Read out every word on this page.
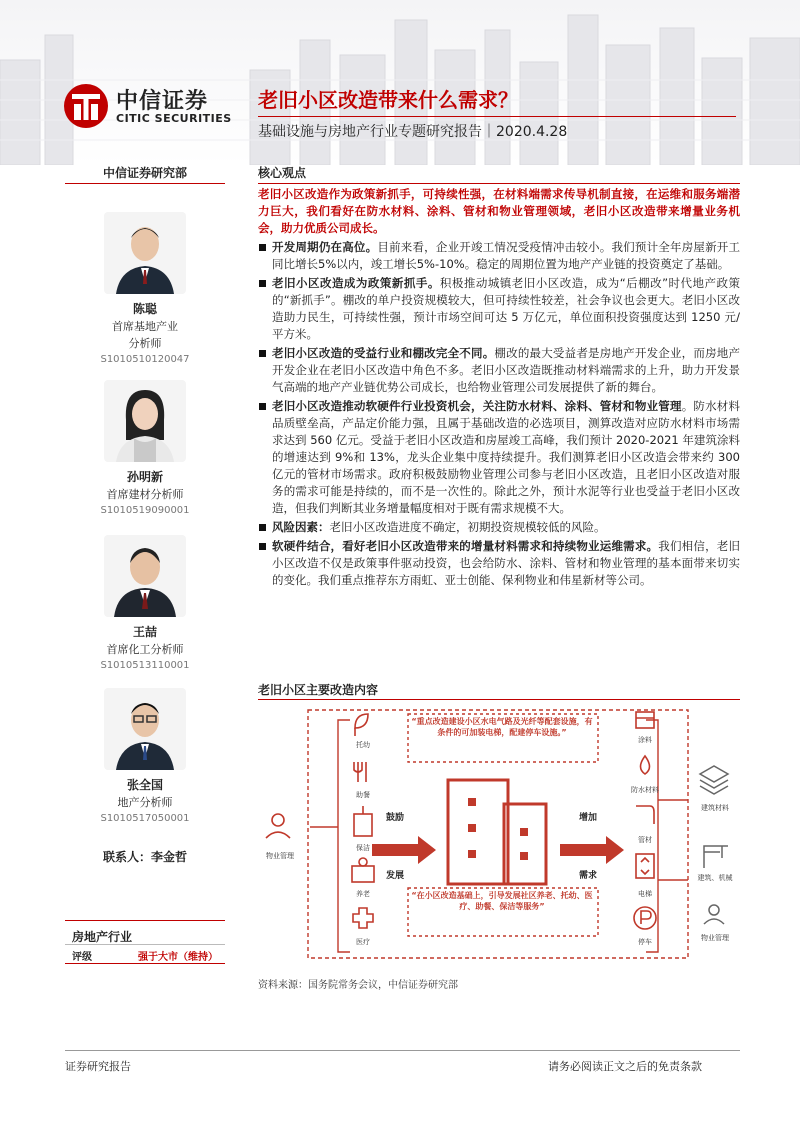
中信证券
CITIC SECURITIES
老旧小区改造带来什么需求？
基础设施与房地产行业专题研究报告｜2020.4.28
中信证券研究部
陈聪
首席基地产业
分析师
S1010510120047
孙明新
首席建材分析师
S1010519090001
王喆
首席化工分析师
S1010513110001
张全国
地产分析师
S1010517050001
联系人：李金哲
房地产行业
评级	强于大市（维持）
核心观点
老旧小区改造作为政策新抓手，可持续性强，在材料端需求传导机制直接，在运维和服务端潜力巨大，我们看好在防水材料、涂料、管材和物业管理领域，老旧小区改造带来增量业务机会，助力优质公司成长。
开发周期仍在高位。目前来看，企业开竣工情况受疫情冲击较小。我们预计全年房屋新开工同比增长5%以内，竣工增长5%-10%。稳定的周期位置为地产产业链的投资奠定了基础。
老旧小区改造成为政策新抓手。积极推动城镇老旧小区改造，成为“后棚改”时代地产政策的“新抓手”。棚改的单户投资规模较大，但可持续性较差，社会争议也会更大。老旧小区改造助力民生，可持续性强，预计市场空间可达 5 万亿元，单位面积投资强度达到 1250 元/平方米。
老旧小区改造的受益行业和棚改完全不同。棚改的最大受益者是房地产开发企业，而房地产开发企业在老旧小区改造中角色不多。老旧小区改造既推动材料端需求的上升，助力开发景气高端的地产产业链优势公司成长，也给物业管理公司发展提供了新的舞台。
老旧小区改造推动软硬件行业投资机会，关注防水材料、涂料、管材和物业管理。防水材料品质壁垒高，产品定价能力强，且属于基础改造的必选项目，测算改造对应防水材料市场需求达到 560 亿元。受益于老旧小区改造和房屋竣工高峰，我们预计 2020-2021 年建筑涂料的增速达到 9%和 13%，龙头企业集中度持续提升。我们测算老旧小区改造会带来约 300 亿元的管材市场需求。政府积极鼓励物业管理公司参与老旧小区改造，且老旧小区改造对服务的需求可能是持续的，而不是一次性的。除此之外，预计水泥等行业也受益于老旧小区改造，但我们判断其业务增量幅度相对于既有需求规模不大。
风险因素：老旧小区改造进度不确定，初期投资规模较低的风险。
软硬件结合，看好老旧小区改造带来的增量材料需求和持续物业运维需求。我们相信，老旧小区改造不仅是政策事件驱动投资，也会给防水、涂料、管材和物业管理的基本面带来切实的变化。我们重点推荐东方雨虹、亚士创能、保利物业和伟星新材等公司。
老旧小区主要改造内容
托幼
助餐
保洁
养老
医疗
物业管理
鼓励
发展
增加
需求
涂料
防水材料
管材
电梯
停车
建筑材料
建筑、机械
物业管理
“重点改造建设小区水电气路及光纤等配套设施，有条件的可加装电梯，配建停车设施。”
“在小区改造基础上，引导发展社区养老、托幼、医疗、助餐、保洁等服务”
资料来源：国务院常务会议，中信证券研究部
证券研究报告	请务必阅读正文之后的免责条款
